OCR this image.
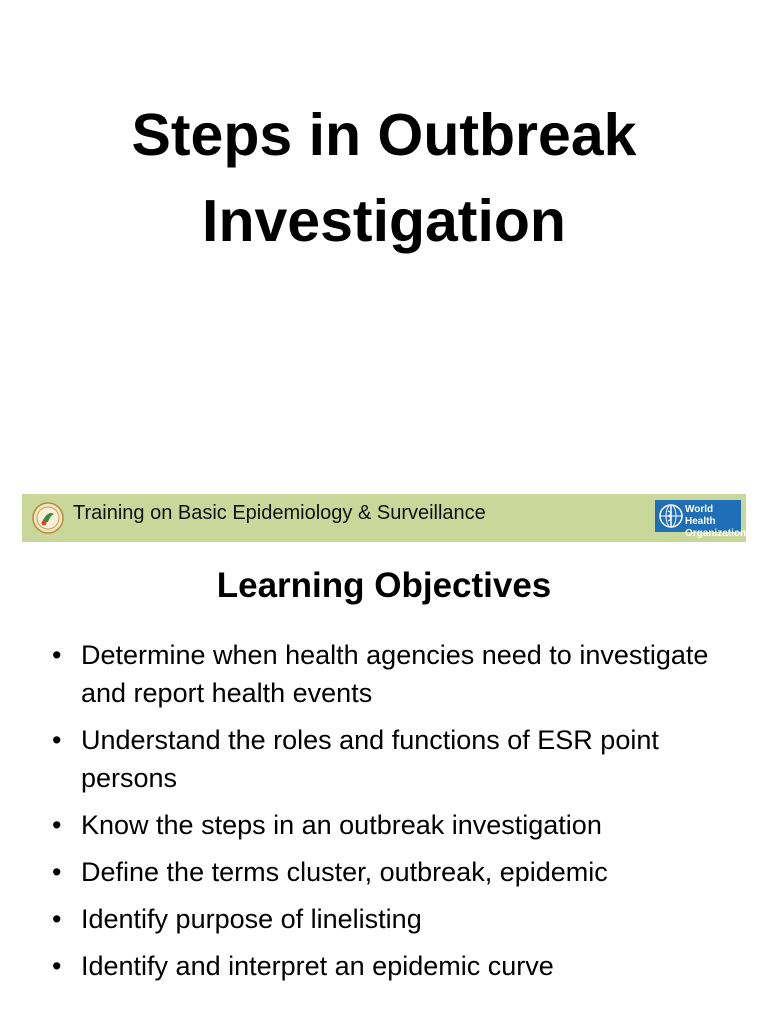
Steps in Outbreak
Investigation
Training on Basic Epidemiology & Surveillance	World Health
Organization
Learning Objectives
• Determine when health agencies need to investigate and report health events
• Understand the roles and functions of ESR point persons
• Know the steps in an outbreak investigation
• Define the terms cluster, outbreak, epidemic
• Identify purpose of linelisting
• Identify and interpret an epidemic curve
